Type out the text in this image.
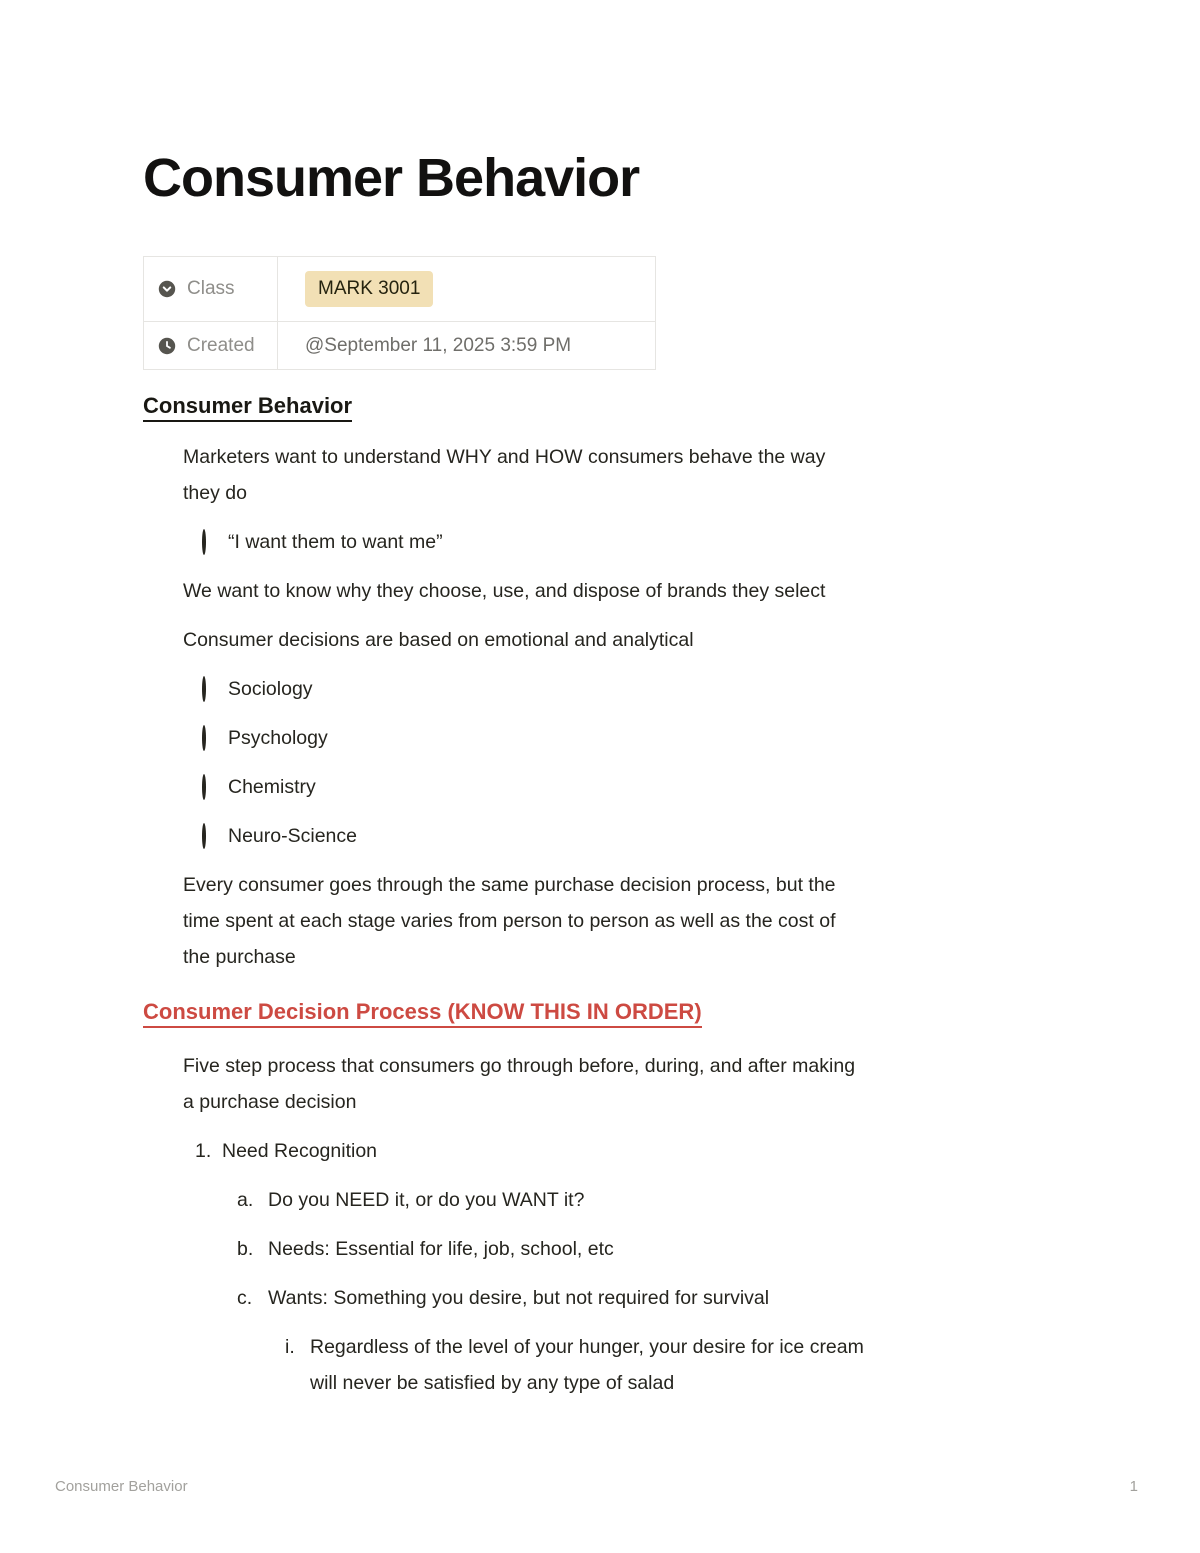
Consumer Behavior
Class	MARK 3001

Created	@September 11, 2025 3:59 PM
Consumer Behavior
Marketers want to understand WHY and HOW consumers behave the way
they do
“I want them to want me”
We want to know why they choose, use, and dispose of brands they select
Consumer decisions are based on emotional and analytical
Sociology
Psychology
Chemistry
Neuro-Science
Every consumer goes through the same purchase decision process, but the
time spent at each stage varies from person to person as well as the cost of
the purchase
Consumer Decision Process (KNOW THIS IN ORDER)
Five step process that consumers go through before, during, and after making
a purchase decision
1. Need Recognition
a. Do you NEED it, or do you WANT it?
b. Needs: Essential for life, job, school, etc
c. Wants: Something you desire, but not required for survival
i. Regardless of the level of your hunger, your desire for ice cream
will never be satisfied by any type of salad
Consumer Behavior	1
